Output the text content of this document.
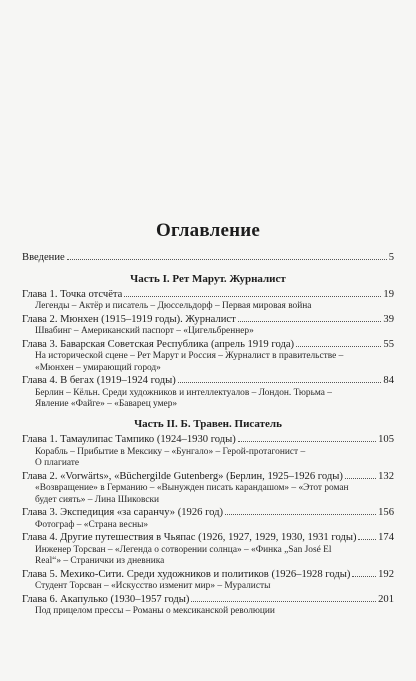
Оглавление
Введение	5
Часть I. Рет Марут. Журналист
Глава 1. Точка отсчёта	19
Легенды – Актёр и писатель – Дюссельдорф – Первая мировая война
Глава 2. Мюнхен (1915–1919 годы). Журналист	39
Швабинг – Американский паспорт – «Цигельбреннер»
Глава 3. Баварская Советская Республика (апрель 1919 года)	55
На исторической сцене – Рет Марут и Россия – Журналист в правительстве –
«Мюнхен – умирающий город»
Глава 4. В бегах (1919–1924 годы)	84
Берлин – Кёльн. Среди художников и интеллектуалов – Лондон. Тюрьма –
Явление «Файге» – «Баварец умер»
Часть II. Б. Травен. Писатель
Глава 1. Тамаулипас Тампико (1924–1930 годы)	105
Корабль – Прибытие в Мексику – «Бунгало» – Герой-протагонист –
О плагиате
Глава 2. «Vorwärts», «Büchergilde Gutenberg» (Берлин, 1925–1926 годы)	132
«Возвращение» в Германию – «Вынужден писать карандашом» – «Этот роман
будет сиять» – Лина Шиковски
Глава 3. Экспедиция «за саранчу» (1926 год)	156
Фотограф – «Страна весны»
Глава 4. Другие путешествия в Чьяпас (1926, 1927, 1929, 1930, 1931 годы) 174
Инженер Торсван – «Легенда о сотворении солнца» – «Финка „San José El
Real“» – Странички из дневника
Глава 5. Мехико-Сити. Среди художников и политиков (1926–1928 годы)	192
Студент Торсван – «Искусство изменит мир» – Муралисты
Глава 6. Акапулько (1930–1957 годы)	201
Под прицелом прессы – Романы о мексиканской революции
